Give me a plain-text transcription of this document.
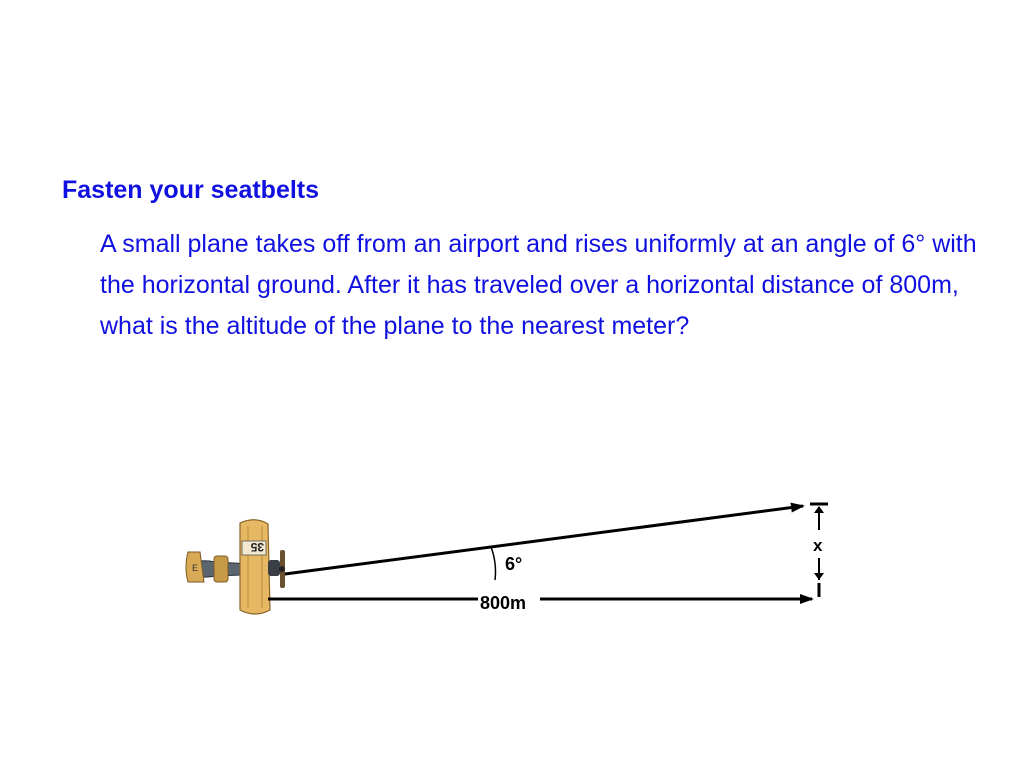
Fasten your seatbelts
A small plane takes off from an airport and rises uniformly at an angle of 6° with the horizontal ground. After it has traveled over a horizontal distance of 800m, what is the altitude of the plane to the nearest meter?
E
35
6°
800m
x
